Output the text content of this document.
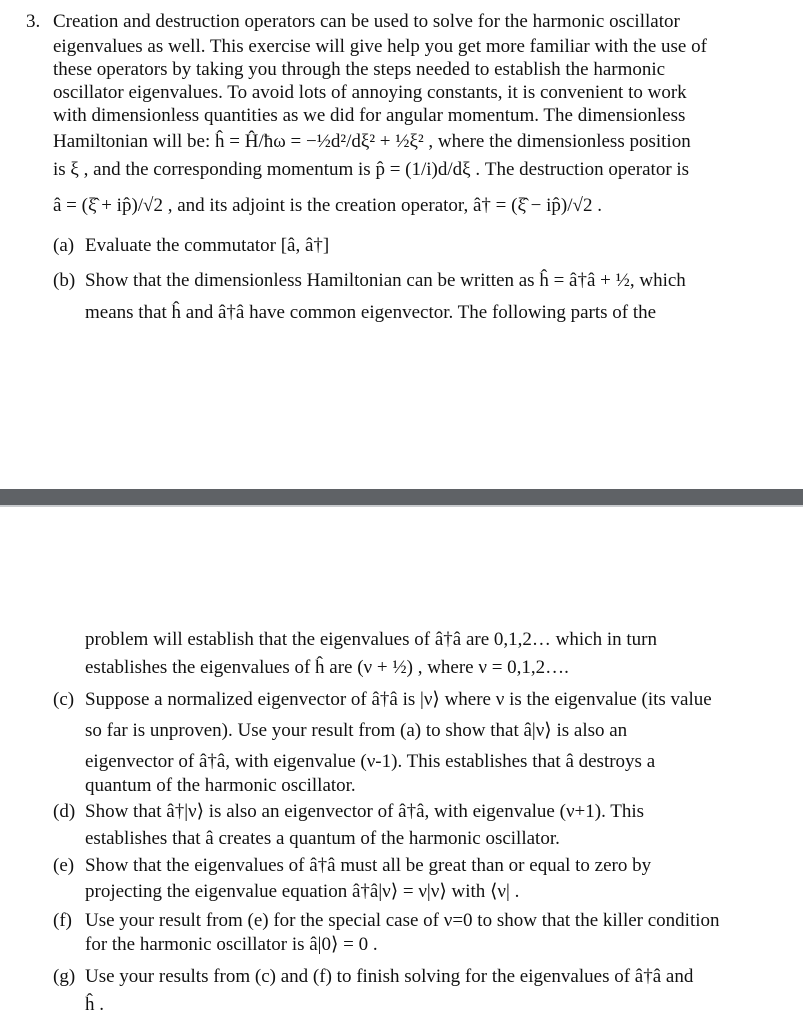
3. Creation and destruction operators can be used to solve for the harmonic oscillator
eigenvalues as well. This exercise will give help you get more familiar with the use of
these operators by taking you through the steps needed to establish the harmonic
oscillator eigenvalues. To avoid lots of annoying constants, it is convenient to work
with dimensionless quantities as we did for angular momentum. The dimensionless
Hamiltonian will be: ĥ = Ĥ/ħω = −½d²/dξ² + ½ξ² , where the dimensionless position
is ξ , and the corresponding momentum is p̂ = (1/i)d/dξ . The destruction operator is
â = (ξ̂ + ip̂)/√2 , and its adjoint is the creation operator, â† = (ξ̂ − ip̂)/√2 .
(a) Evaluate the commutator [â, â†]
(b) Show that the dimensionless Hamiltonian can be written as ĥ = â†â + ½, which
means that ĥ and â†â have common eigenvector. The following parts of the
problem will establish that the eigenvalues of â†â are 0,1,2… which in turn
establishes the eigenvalues of ĥ are (ν + ½) , where ν = 0,1,2….
(c) Suppose a normalized eigenvector of â†â is |ν⟩ where ν is the eigenvalue (its value
so far is unproven). Use your result from (a) to show that â|ν⟩ is also an
eigenvector of â†â, with eigenvalue (ν-1). This establishes that â destroys a
quantum of the harmonic oscillator.
(d) Show that â†|ν⟩ is also an eigenvector of â†â, with eigenvalue (ν+1). This
establishes that â creates a quantum of the harmonic oscillator.
(e) Show that the eigenvalues of â†â must all be great than or equal to zero by
projecting the eigenvalue equation â†â|ν⟩ = ν|ν⟩ with ⟨ν| .
(f) Use your result from (e) for the special case of ν=0 to show that the killer condition
for the harmonic oscillator is â|0⟩ = 0 .
(g) Use your results from (c) and (f) to finish solving for the eigenvalues of â†â and
ĥ .
